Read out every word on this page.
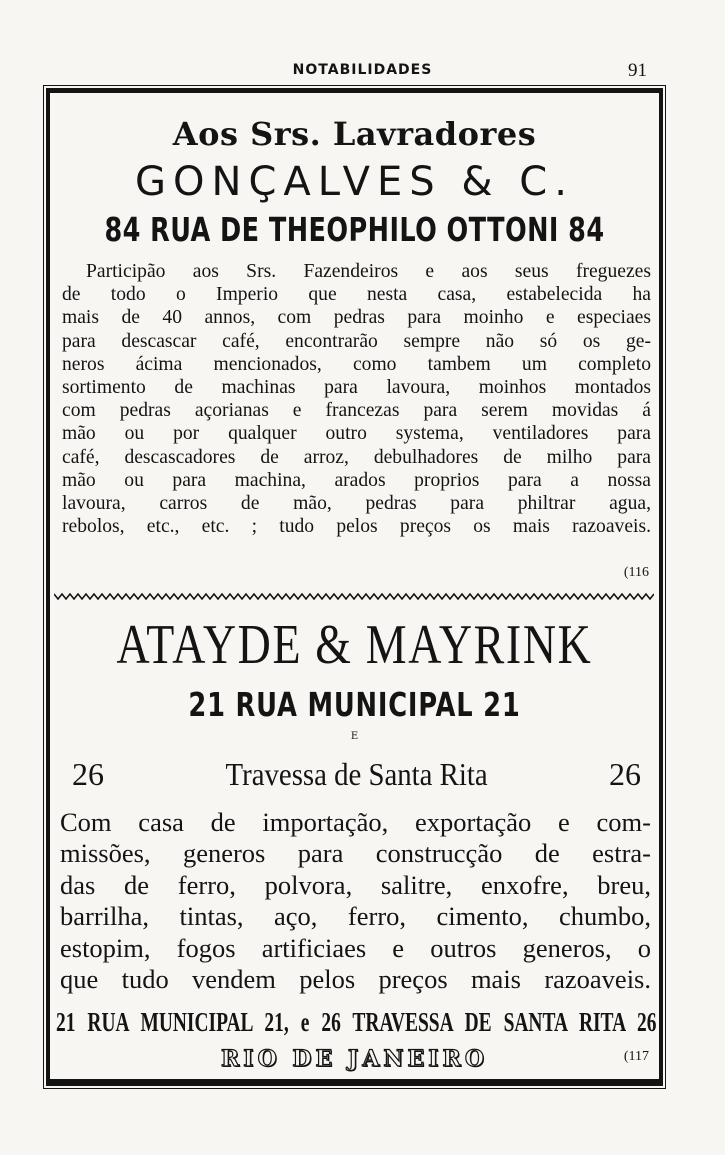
NOTABILIDADES	91
Aos Srs. Lavradores
GONÇALVES & C.
84 RUA DE THEOPHILO OTTONI 84
Participão aos Srs. Fazendeiros e aos seus freguezes
de todo o Imperio que nesta casa, estabelecida ha
mais de 40 annos, com pedras para moinho e especiaes
para descascar café, encontrarão sempre não só os ge-
neros ácima mencionados, como tambem um completo
sortimento de machinas para lavoura, moinhos montados
com pedras açorianas e francezas para serem movidas á
mão ou por qualquer outro systema, ventiladores para
café, descascadores de arroz, debulhadores de milho para
mão ou para machina, arados proprios para a nossa
lavoura, carros de mão, pedras para philtrar agua,
rebolos, etc., etc. ; tudo pelos preços os mais razoaveis.
(116
ATAYDE & MAYRINK
21 RUA MUNICIPAL 21
E
26	Travessa de Santa Rita	26
Com casa de importação, exportação e com-
missões, generos para construcção de estra-
das de ferro, polvora, salitre, enxofre, breu,
barrilha, tintas, aço, ferro, cimento, chumbo,
estopim, fogos artificiaes e outros generos, o
que tudo vendem pelos preços mais razoaveis.
21 RUA MUNICIPAL 21, e 26 TRAVESSA DE SANTA RITA 26
RIO DE JANEIRO	(117
